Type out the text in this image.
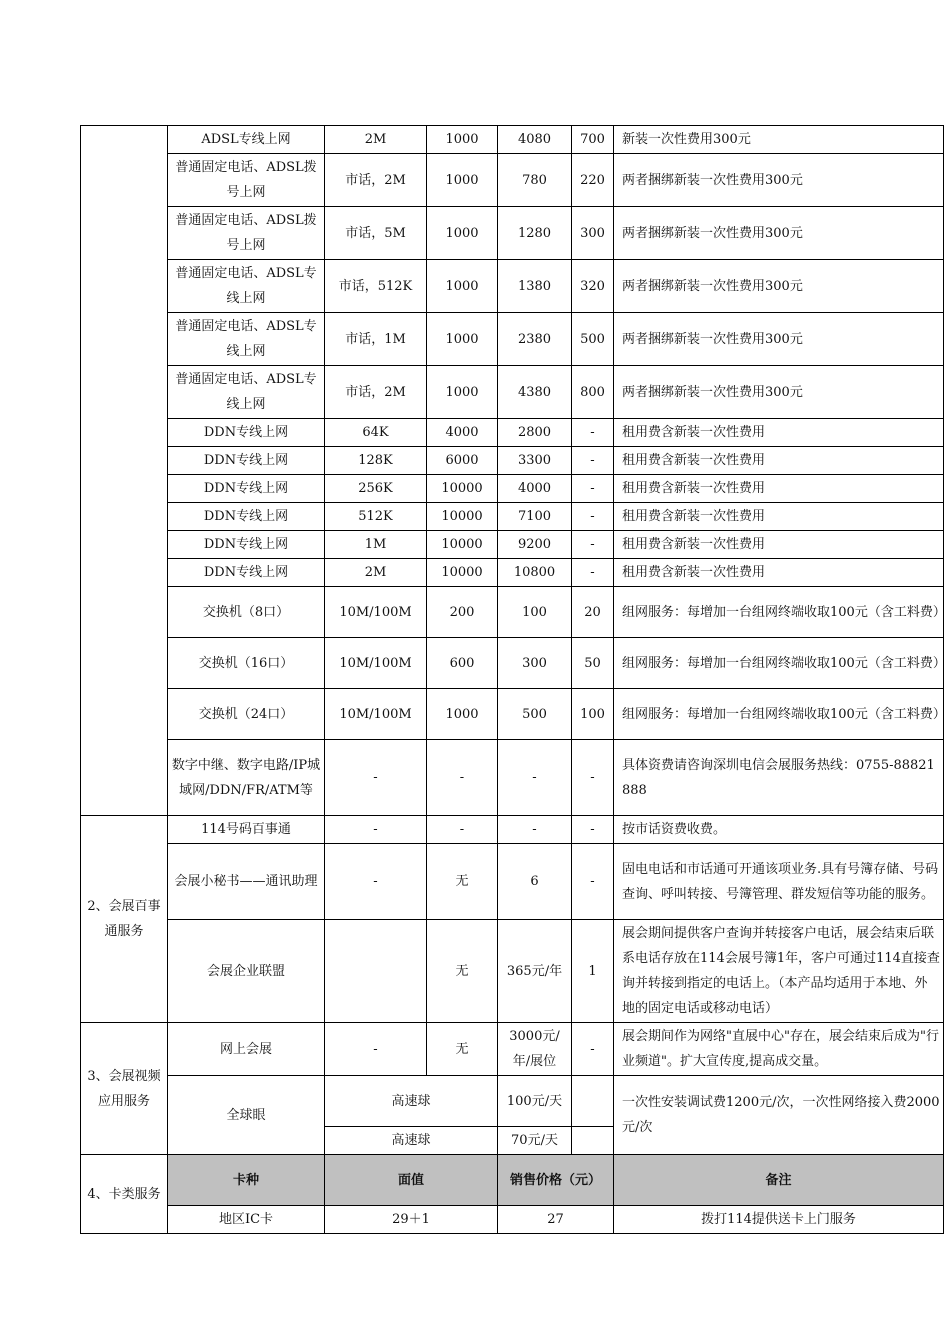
	ADSL专线上网	2M	1000	4080	700	新装一次性费用300元
	普通固定电话、ADSL拨号上网	市话，2M	1000	780	220	两者捆绑新装一次性费用300元
	普通固定电话、ADSL拨号上网	市话，5M	1000	1280	300	两者捆绑新装一次性费用300元
	普通固定电话、ADSL专线上网	市话，512K	1000	1380	320	两者捆绑新装一次性费用300元
	普通固定电话、ADSL专线上网	市话，1M	1000	2380	500	两者捆绑新装一次性费用300元
	普通固定电话、ADSL专线上网	市话，2M	1000	4380	800	两者捆绑新装一次性费用300元
	DDN专线上网	64K	4000	2800	-	租用费含新装一次性费用
	DDN专线上网	128K	6000	3300	-	租用费含新装一次性费用
	DDN专线上网	256K	10000	4000	-	租用费含新装一次性费用
	DDN专线上网	512K	10000	7100	-	租用费含新装一次性费用
	DDN专线上网	1M	10000	9200	-	租用费含新装一次性费用
	DDN专线上网	2M	10000	10800	-	租用费含新装一次性费用
	交换机（8口）	10M/100M	200	100	20	组网服务：每增加一台组网终端收取100元（含工料费）
	交换机（16口）	10M/100M	600	300	50	组网服务：每增加一台组网终端收取100元（含工料费）
	交换机（24口）	10M/100M	1000	500	100	组网服务：每增加一台组网终端收取100元（含工料费）
	数字中继、数字电路/IP城域网/DDN/FR/ATM等	-	-	-	-	具体资费请咨询深圳电信会展服务热线：0755-88821888
2、会展百事通服务	114号码百事通	-	-	-	-	按市话资费收费。
	会展小秘书——通讯助理	-	无	6	-	固电电话和市话通可开通该项业务.具有号簿存储、号码查询、呼叫转接、号簿管理、群发短信等功能的服务。
	会展企业联盟		无	365元/年	1	展会期间提供客户查询并转接客户电话，展会结束后联系电话存放在114会展号簿1年，客户可通过114直接查询并转接到指定的电话上。（本产品均适用于本地、外地的固定电话或移动电话）
3、会展视频应用服务	网上会展	-	无	3000元/年/展位	-	展会期间作为网络"直展中心"存在，展会结束后成为"行业频道"。扩大宣传度,提高成交量。
	全球眼	高速球		100元/天		一次性安装调试费1200元/次，一次性网络接入费2000元/次
		高速球		70元/天		
4、卡类服务	卡种	面值		销售价格（元）		备注
	地区IC卡	29＋1		27		拨打114提供送卡上门服务
